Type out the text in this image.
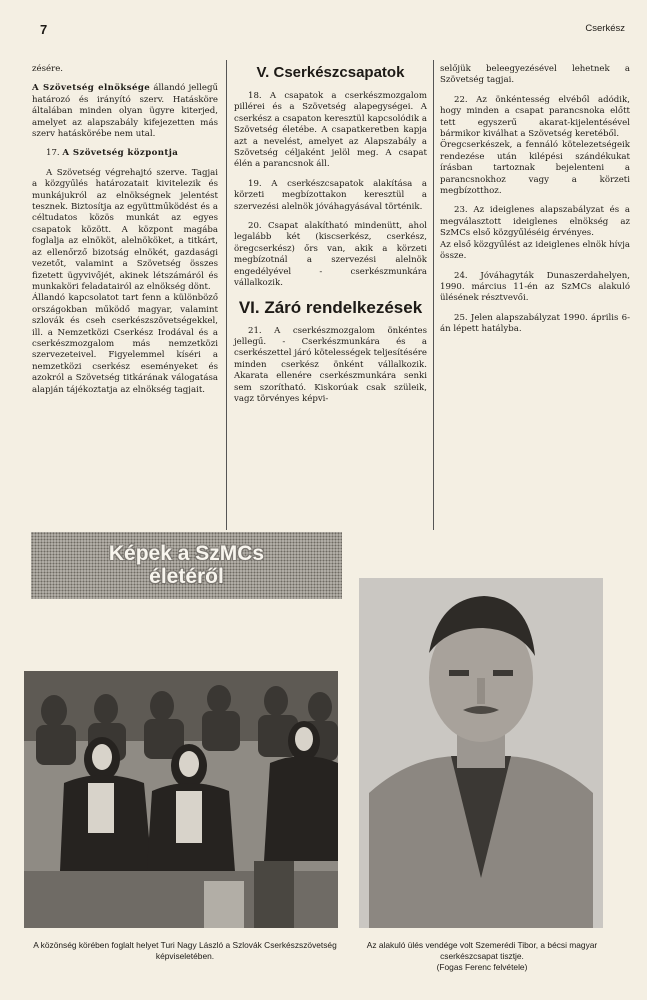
7	Cserkész

zésére.

A Szövetség elnöksége állandó jellegű határozó és irányító szerv. Hatásköre általában minden olyan ügyre kiterjed, amelyet az alapszabály kifejezetten más szerv hatáskörébe nem utal.

17. A Szövetség központja

A Szövetség végrehajtó szerve. Tagjai a közgyűlés határozatait kivitelezik és munkájukról az elnökségnek jelentést tesznek. Biztosítja az együttműködést és a céltudatos közös munkát az egyes csapatok között. A központ magába foglalja az elnököt, alelnököket, a titkárt, az ellenőrző bizotság elnökét, gazdasági vezetőt, valamint a Szövetség összes fizetett ügyvivőjét, akinek létszámáról és munkaköri feladatairól az elnökség dönt.

Állandó kapcsolatot tart fenn a különböző országokban működő magyar, valamint szlovák és cseh cserkészszövetségekkel, ill. a Nemzetközi Cserkész Irodával és a cserkészmozgalom más nemzetközi szervezeteivel. Figyelemmel kíséri a nemzetközi cserkész eseményeket és azokról a Szövetség titkárának válogatása alapján tájékoztatja az elnökség tagjait.

V. Cserkészcsapatok

18. A csapatok a cserkészmozgalom pillérei és a Szövetség alapegységei. A cserkész a csapaton keresztül kapcsolódik a Szövetség életébe. A csapatkeretben kapja azt a nevelést, amelyet az Alapszabály a Szövetség céljaként jelöl meg. A csapat élén a parancsnok áll.

19. A cserkészcsapatok alakítása a körzeti megbízottakon keresztül a szervezési alelnök jóváhagyásával történik.

20. Csapat alakítható mindenütt, ahol legalább két (kiscserkész, cserkész, öregcserkész) őrs van, akik a körzeti megbízotnál a szervezési alelnök engedélyével - cserkészmunkára vállalkozik.

VI. Záró rendelkezések

21. A cserkészmozgalom önkéntes jellegű. - Cserkészmunkára és a cserkészettel járó kötelességek teljesítésére minden cserkész önként vállalkozik. Akarata ellenére cserkészmunkára senki sem szorítható. Kiskorúak csak szüleik, vagz törvényes képvi-

selőjük beleegyezésével lehetnek a Szövetség tagjai.

22. Az önkéntesség elvéből adódik, hogy minden a csapat parancsnoka előtt tett egyszerű akarat-kijelentésével bármikor kiválhat a Szövetség keretéből.

Öregcserkészek, a fennáló kötelezetségeik rendezése után kilépési szándékukat írásban tartoznak bejelenteni a parancsnokhoz vagy a körzeti megbízotthoz.

23. Az ideiglenes alapszabályzat és a megválasztott ideiglenes elnökség az SzMCs első közgyűléséig érvényes.

Az első közgyűlést az ideiglenes elnök hívja össze.

24. Jóváhagyták Dunaszerdahelyen, 1990. március 11-én az SzMCs alakuló ülésének résztvevői.

25. Jelen alapszabályzat 1990. április 6-án lépett hatályba.

Képek a SzMCs
életéről
A közönség körében foglalt helyet Turi Nagy László a Szlovák Cserkészszövetség képviseletében.
Az alakuló ülés vendége volt Szemerédi Tibor, a bécsi magyar cserkészcsapat tisztje.
(Fogas Ferenc felvétele)
